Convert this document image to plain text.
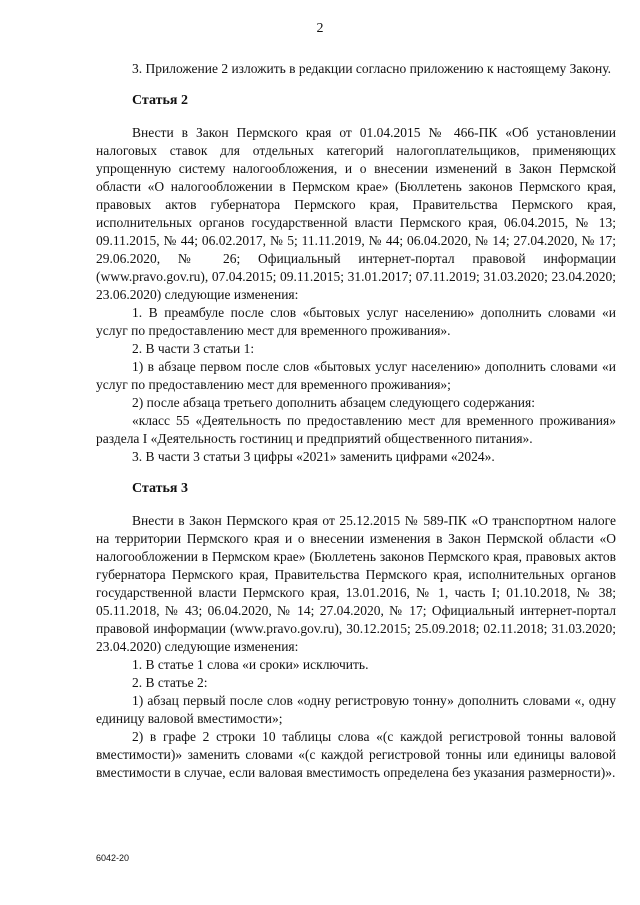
2

3. Приложение 2 изложить в редакции согласно приложению к настоящему Закону.

Статья 2

Внести в Закон Пермского края от 01.04.2015 № 466-ПК «Об установлении налоговых ставок для отдельных категорий налогоплательщиков, применяющих упрощенную систему налогообложения, и о внесении изменений в Закон Пермской области «О налогообложении в Пермском крае» (Бюллетень законов Пермского края, правовых актов губернатора Пермского края, Правительства Пермского края, исполнительных органов государственной власти Пермского края, 06.04.2015, № 13; 09.11.2015, № 44; 06.02.2017, № 5; 11.11.2019, № 44; 06.04.2020, № 14; 27.04.2020, № 17; 29.06.2020, № 26; Официальный интернет-портал правовой информации (www.pravo.gov.ru), 07.04.2015; 09.11.2015; 31.01.2017; 07.11.2019; 31.03.2020; 23.04.2020; 23.06.2020) следующие изменения:

1. В преамбуле после слов «бытовых услуг населению» дополнить словами «и услуг по предоставлению мест для временного проживания».

2. В части 3 статьи 1:

1) в абзаце первом после слов «бытовых услуг населению» дополнить словами «и услуг по предоставлению мест для временного проживания»;

2) после абзаца третьего дополнить абзацем следующего содержания:

«класс 55 «Деятельность по предоставлению мест для временного проживания» раздела I «Деятельность гостиниц и предприятий общественного питания».

3. В части 3 статьи 3 цифры «2021» заменить цифрами «2024».

Статья 3

Внести в Закон Пермского края от 25.12.2015 № 589-ПК «О транспортном налоге на территории Пермского края и о внесении изменения в Закон Пермской области «О налогообложении в Пермском крае» (Бюллетень законов Пермского края, правовых актов губернатора Пермского края, Правительства Пермского края, исполнительных органов государственной власти Пермского края, 13.01.2016, № 1, часть I; 01.10.2018, № 38; 05.11.2018, № 43; 06.04.2020, № 14; 27.04.2020, № 17; Официальный интернет-портал правовой информации (www.pravo.gov.ru), 30.12.2015; 25.09.2018; 02.11.2018; 31.03.2020; 23.04.2020) следующие изменения:

1. В статье 1 слова «и сроки» исключить.

2. В статье 2:

1) абзац первый после слов «одну регистровую тонну» дополнить словами «, одну единицу валовой вместимости»;

2) в графе 2 строки 10 таблицы слова «(с каждой регистровой тонны валовой вместимости)» заменить словами «(с каждой регистровой тонны или единицы валовой вместимости в случае, если валовая вместимость определена без указания размерности)».

6042-20
